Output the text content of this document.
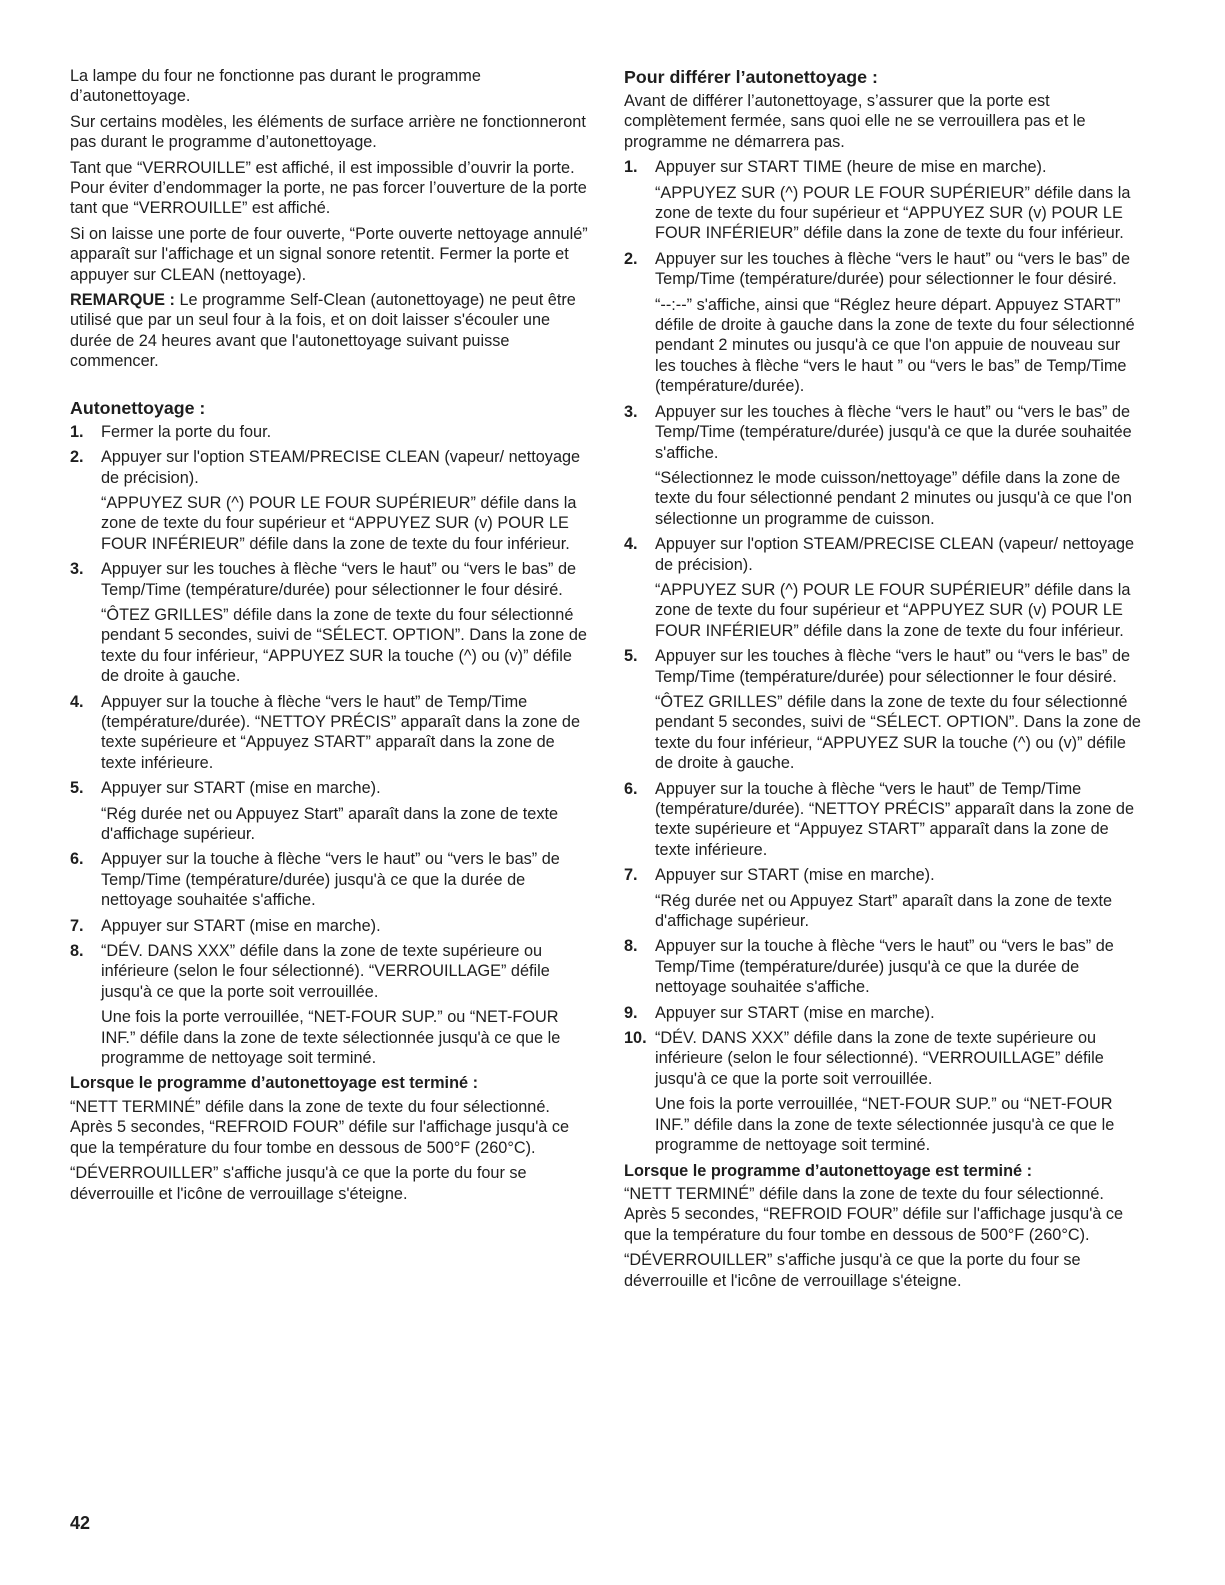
La lampe du four ne fonctionne pas durant le programme d’autonettoyage.

Sur certains modèles, les éléments de surface arrière ne fonctionneront pas durant le programme d’autonettoyage.

Tant que “VERROUILLE” est affiché, il est impossible d’ouvrir la porte. Pour éviter d’endommager la porte, ne pas forcer l’ouverture de la porte tant que “VERROUILLE” est affiché.

Si on laisse une porte de four ouverte, “Porte ouverte nettoyage annulé” apparaît sur l'affichage et un signal sonore retentit. Fermer la porte et appuyer sur CLEAN (nettoyage).

REMARQUE : Le programme Self-Clean (autonettoyage) ne peut être utilisé que par un seul four à la fois, et on doit laisser s'écouler une durée de 24 heures avant que l'autonettoyage suivant puisse commencer.

Autonettoyage :
1. Fermer la porte du four.
2. Appuyer sur l'option STEAM/PRECISE CLEAN (vapeur/ nettoyage de précision).
“APPUYEZ SUR (^) POUR LE FOUR SUPÉRIEUR” défile dans la zone de texte du four supérieur et “APPUYEZ SUR (v) POUR LE FOUR INFÉRIEUR” défile dans la zone de texte du four inférieur.
3. Appuyer sur les touches à flèche “vers le haut” ou “vers le bas” de Temp/Time (température/durée) pour sélectionner le four désiré.
“ÔTEZ GRILLES” défile dans la zone de texte du four sélectionné pendant 5 secondes, suivi de “SÉLECT. OPTION”. Dans la zone de texte du four inférieur, “APPUYEZ SUR la touche (^) ou (v)” défile de droite à gauche.
4. Appuyer sur la touche à flèche “vers le haut” de Temp/Time (température/durée). “NETTOY PRÉCIS” apparaît dans la zone de texte supérieure et “Appuyez START” apparaît dans la zone de texte inférieure.
5. Appuyer sur START (mise en marche).
“Rég durée net ou Appuyez Start” aparaît dans la zone de texte d'affichage supérieur.
6. Appuyer sur la touche à flèche “vers le haut” ou “vers le bas” de Temp/Time (température/durée) jusqu'à ce que la durée de nettoyage souhaitée s'affiche.
7. Appuyer sur START (mise en marche).
8. “DÉV. DANS XXX” défile dans la zone de texte supérieure ou inférieure (selon le four sélectionné). “VERROUILLAGE” défile jusqu'à ce que la porte soit verrouillée.
Une fois la porte verrouillée, “NET-FOUR SUP.” ou “NET-FOUR INF.” défile dans la zone de texte sélectionnée jusqu'à ce que le programme de nettoyage soit terminé.
Lorsque le programme d’autonettoyage est terminé :

“NETT TERMINÉ” défile dans la zone de texte du four sélectionné. Après 5 secondes, “REFROID FOUR” défile sur l'affichage jusqu'à ce que la température du four tombe en dessous de 500°F (260°C).

“DÉVERROUILLER” s'affiche jusqu'à ce que la porte du four se déverrouille et l'icône de verrouillage s'éteigne.

Pour différer l’autonettoyage :

Avant de différer l’autonettoyage, s’assurer que la porte est complètement fermée, sans quoi elle ne se verrouillera pas et le programme ne démarrera pas.

1. Appuyer sur START TIME (heure de mise en marche).
“APPUYEZ SUR (^) POUR LE FOUR SUPÉRIEUR” défile dans la zone de texte du four supérieur et “APPUYEZ SUR (v) POUR LE FOUR INFÉRIEUR” défile dans la zone de texte du four inférieur.
2. Appuyer sur les touches à flèche “vers le haut” ou “vers le bas” de Temp/Time (température/durée) pour sélectionner le four désiré.
“--:--” s'affiche, ainsi que “Réglez heure départ. Appuyez START” défile de droite à gauche dans la zone de texte du four sélectionné pendant 2 minutes ou jusqu'à ce que l'on appuie de nouveau sur les touches à flèche “vers le haut ” ou “vers le bas” de Temp/Time (température/durée).
3. Appuyer sur les touches à flèche “vers le haut” ou “vers le bas” de Temp/Time (température/durée) jusqu'à ce que la durée souhaitée s'affiche.
“Sélectionnez le mode cuisson/nettoyage” défile dans la zone de texte du four sélectionné pendant 2 minutes ou jusqu'à ce que l'on sélectionne un programme de cuisson.
4. Appuyer sur l'option STEAM/PRECISE CLEAN (vapeur/ nettoyage de précision).
“APPUYEZ SUR (^) POUR LE FOUR SUPÉRIEUR” défile dans la zone de texte du four supérieur et “APPUYEZ SUR (v) POUR LE FOUR INFÉRIEUR” défile dans la zone de texte du four inférieur.
5. Appuyer sur les touches à flèche “vers le haut” ou “vers le bas” de Temp/Time (température/durée) pour sélectionner le four désiré.
“ÔTEZ GRILLES” défile dans la zone de texte du four sélectionné pendant 5 secondes, suivi de “SÉLECT. OPTION”. Dans la zone de texte du four inférieur, “APPUYEZ SUR la touche (^) ou (v)” défile de droite à gauche.
6. Appuyer sur la touche à flèche “vers le haut” de Temp/Time (température/durée). “NETTOY PRÉCIS” apparaît dans la zone de texte supérieure et “Appuyez START” apparaît dans la zone de texte inférieure.
7. Appuyer sur START (mise en marche).
“Rég durée net ou Appuyez Start” aparaît dans la zone de texte d'affichage supérieur.
8. Appuyer sur la touche à flèche “vers le haut” ou “vers le bas” de Temp/Time (température/durée) jusqu'à ce que la durée de nettoyage souhaitée s'affiche.
9. Appuyer sur START (mise en marche).
10. “DÉV. DANS XXX” défile dans la zone de texte supérieure ou inférieure (selon le four sélectionné). “VERROUILLAGE” défile jusqu'à ce que la porte soit verrouillée.
Une fois la porte verrouillée, “NET-FOUR SUP.” ou “NET-FOUR INF.” défile dans la zone de texte sélectionnée jusqu'à ce que le programme de nettoyage soit terminé.
Lorsque le programme d’autonettoyage est terminé :

“NETT TERMINÉ” défile dans la zone de texte du four sélectionné. Après 5 secondes, “REFROID FOUR” défile sur l'affichage jusqu'à ce que la température du four tombe en dessous de 500°F (260°C).

“DÉVERROUILLER” s'affiche jusqu'à ce que la porte du four se déverrouille et l'icône de verrouillage s'éteigne.

42
